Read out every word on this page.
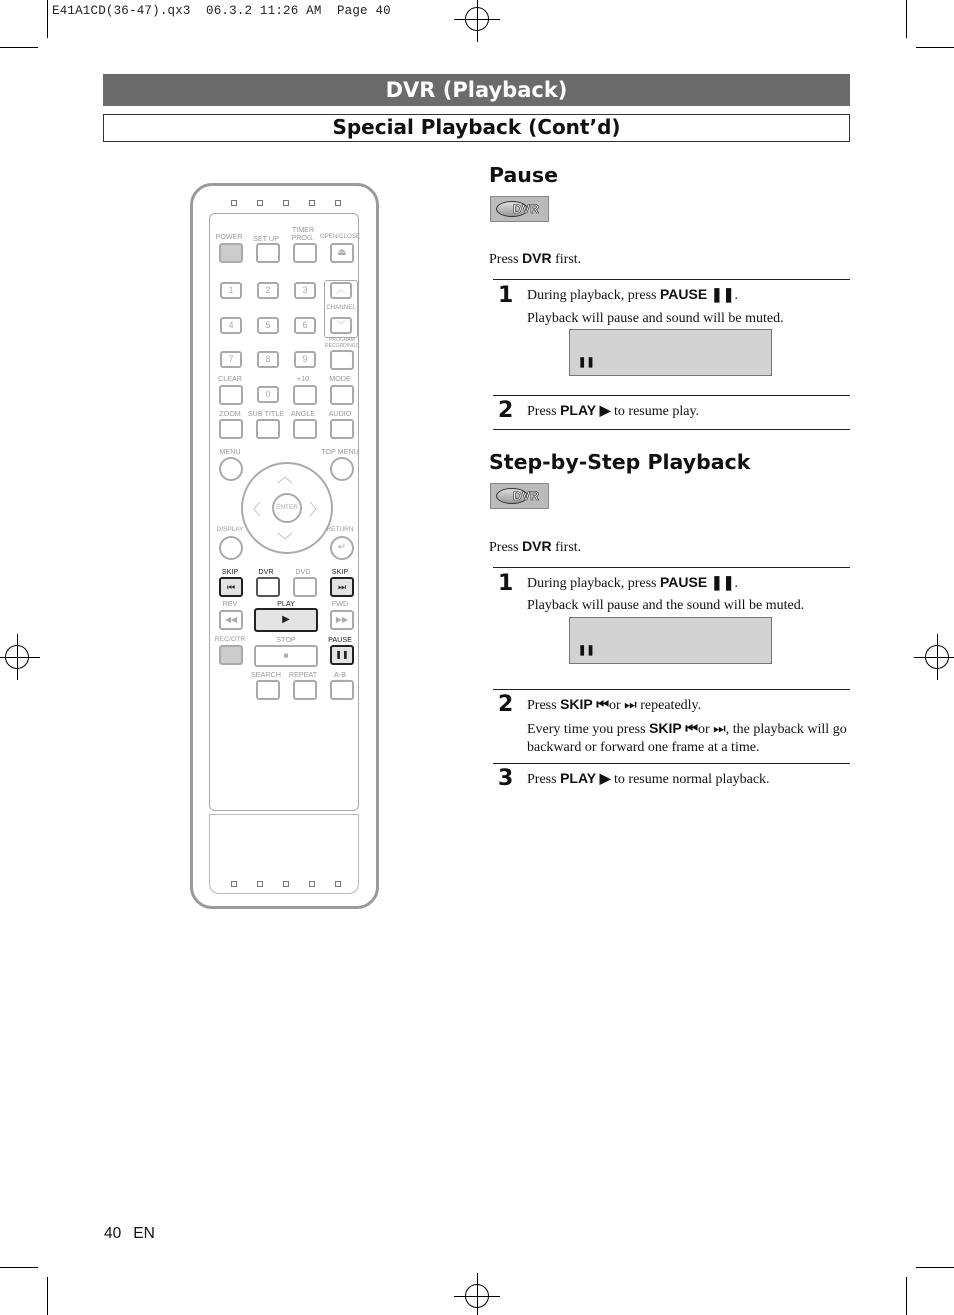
E41A1CD(36-47).qx3  06.3.2 11:26 AM  Page 40
DVR (Playback)
Special Playback (Cont’d)
POWER	SET UP
TIMER PROG. OPEN/CLOSE
⏏
1	2	3
4	5	6
7	8	9
︿
CHANNEL
﹀
PROGRAM RECORDINGS
CLEAR	+10	MODE
0
ZOOM SUB TITLE ANGLE	AUDIO
MENU	TOP MENU
︿
﹀
〈	〉
ENTER
DISPLAY	RETURN
↵
SKIP	DVR	DVD	SKIP
⏮	⏭
REV	PLAY	FWD
◀◀	▶	▶▶
REC/OTR	STOP	PAUSE
■	❚❚
SEARCH	REPEAT	A-B
Pause
DVR
Press DVR first.
1 During playback, press PAUSE ❚❚.
Playback will pause and sound will be muted.
❚❚
2 Press PLAY ▶ to resume play.
Step-by-Step Playback
DVR
Press DVR first.
1 During playback, press PAUSE ❚❚.
Playback will pause and the sound will be muted.
❚❚
2 Press SKIP ⏮or ⏭ repeatedly.
Every time you press SKIP ⏮or ⏭, the playback will go backward or forward one frame at a time.
3 Press PLAY ▶ to resume normal playback.
40 EN
